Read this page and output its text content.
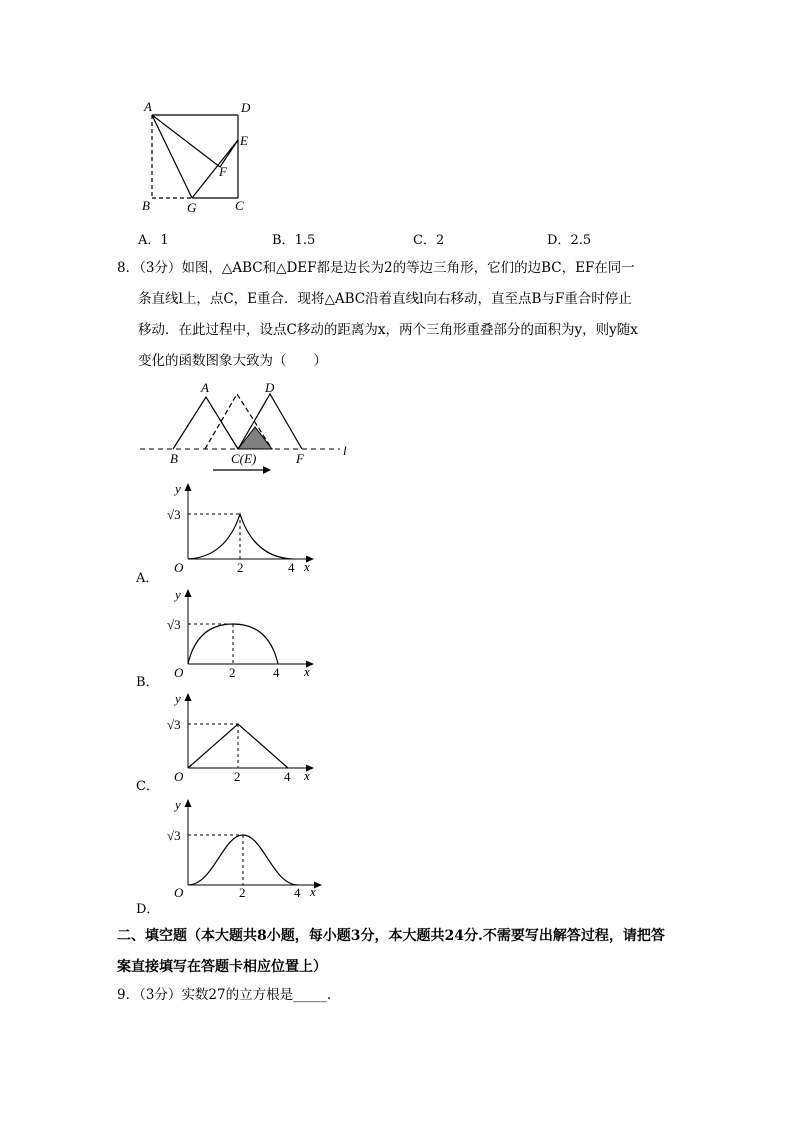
A	D
E
F
B	G	C
A．1	B．1.5	C．2	D．2.5
8．（3分）如图，△ABC和△DEF都是边长为2的等边三角形，它们的边BC，EF在同一
条直线l上，点C，E重合．现将△ABC沿着直线l向右移动，直至点B与F重合时停止
移动．在此过程中，设点C移动的距离为x，两个三角形重叠部分的面积为y，则y随x
变化的函数图象大致为（　　）
A	D
B	C(E)	F
l
A．
B．
C．
D．
y
x
O
√3
2	4
y
x
O
√3
2	4
y
x
O
√3
2	4
y
x
O
√3
2	4
二、填空题（本大题共8小题，每小题3分，本大题共24分.不需要写出解答过程，请把答
案直接填写在答题卡相应位置上）
9．（3分）实数27的立方根是_____.
